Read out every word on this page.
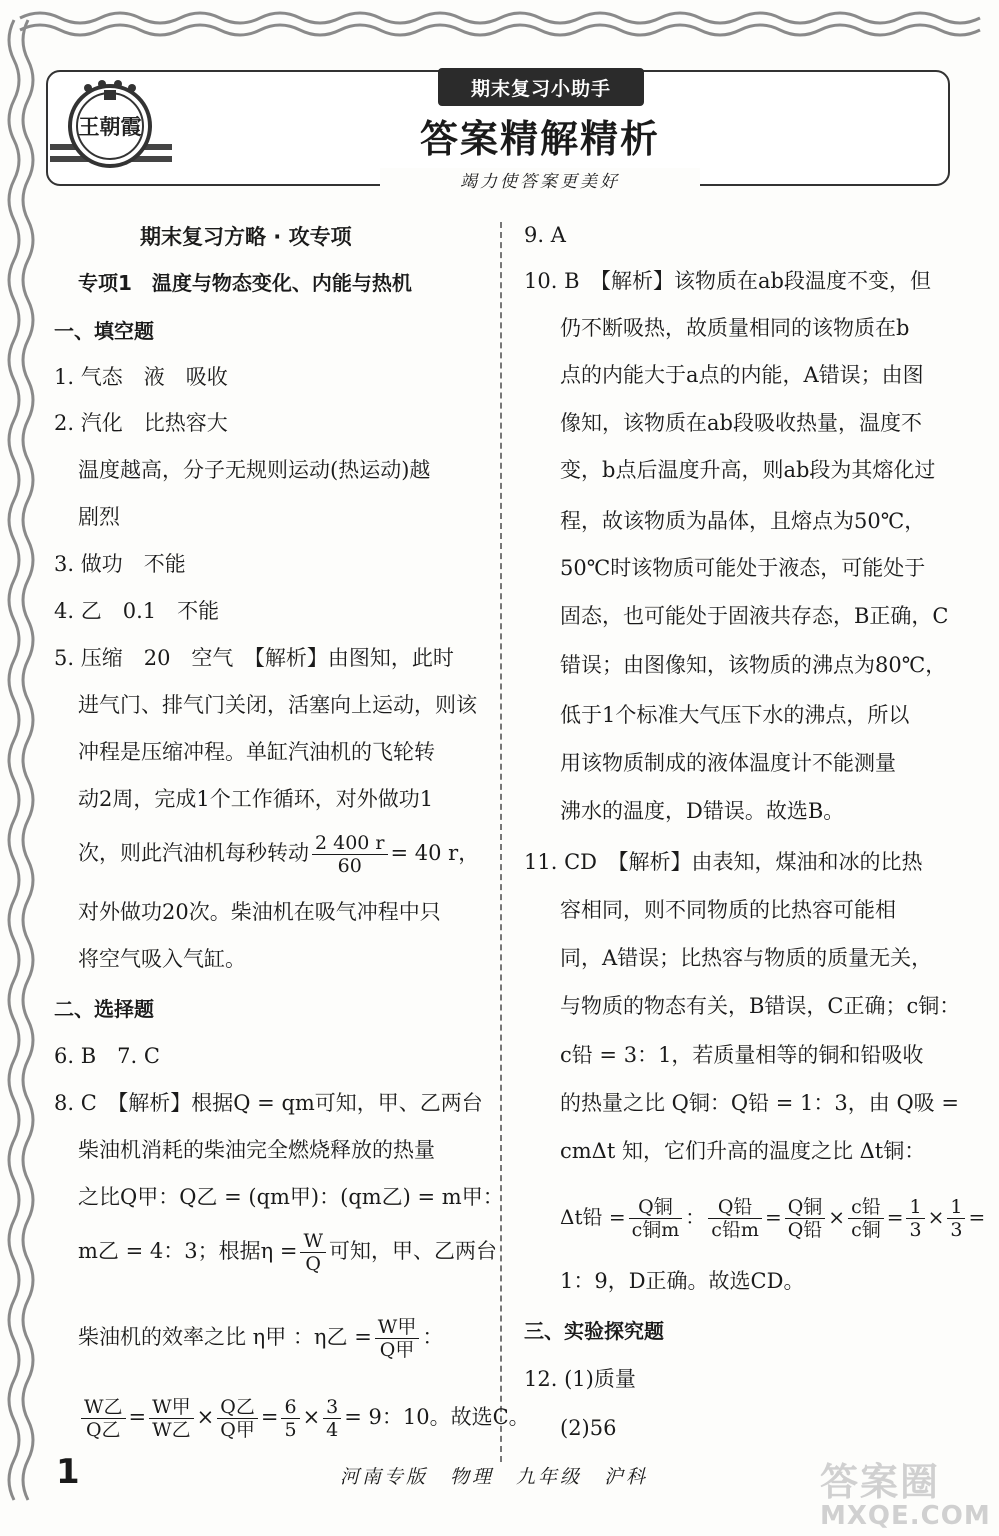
王朝霞
期末复习小助手
答案精解精析
竭力使答案更美好
期末复习方略 · 攻专项
专项1　温度与物态变化、内能与热机
一、填空题
1. 气态　液　吸收
2. 汽化　比热容大
温度越高，分子无规则运动(热运动)越
剧烈
3. 做功　不能
4. 乙　0.1　不能
5. 压缩　20　空气　【解析】由图知，此时
进气门、排气门关闭，活塞向上运动，则该
冲程是压缩冲程。单缸汽油机的飞轮转
动2周，完成1个工作循环，对外做功1
次，则此汽油机每秒转动 $\frac{2 400 r}{60} = 40$ r，
对外做功20次。柴油机在吸气冲程中只
将空气吸入气缸。
二、选择题
6. B　7. C
8. C　【解析】根据Q = qm可知，甲、乙两台
柴油机消耗的柴油完全燃烧释放的热量
之比Q甲：Q乙 = (qm甲)：(qm乙) = m甲：
m乙 = 4：3；根据$\eta = \frac{W}{Q}$ 可知，甲、乙两台
柴油机的效率之比 η甲 ：η乙 = $\frac{\text{W甲}}{\text{Q甲}}$ ：
$\frac{\text{W乙}}{\text{Q乙}} = \frac{\text{W甲}}{\text{W乙}} \times \frac{\text{Q乙}}{\text{Q甲}} = \frac{6}{5} \times \frac{3}{4} = 9$：10。故选C。
9. A
10. B　【解析】该物质在ab段温度不变，但
仍不断吸热，故质量相同的该物质在b
点的内能大于a点的内能，A错误；由图
像知，该物质在ab段吸收热量，温度不
变，b点后温度升高，则ab段为其熔化过
程，故该物质为晶体，且熔点为50℃，
50℃时该物质可能处于液态，可能处于
固态，也可能处于固液共存态，B正确，C
错误；由图像知，该物质的沸点为80℃，
低于1个标准大气压下水的沸点，所以
用该物质制成的液体温度计不能测量
沸水的温度，D错误。故选B。
11. CD　【解析】由表知，煤油和冰的比热
容相同，则不同物质的比热容可能相
同，A错误；比热容与物质的质量无关，
与物质的物态有关，B错误，C正确；c铜：
c铅 = 3：1，若质量相等的铜和铅吸收
的热量之比 Q铜：Q铅 = 1：3，由 Q吸 =
cmΔt 知，它们升高的温度之比 Δt铜：
Δt铅 = $\frac{\text{Q铜}}{\text{c铜m}}$ ： $\frac{\text{Q铅}}{\text{c铅m}} = \frac{\text{Q铜}}{\text{Q铅}} \times \frac{\text{c铅}}{\text{c铜}} = \frac{1}{3} \times \frac{1}{3}$ =
1：9，D正确。故选CD。
三、实验探究题
12. (1)质量
(2)56
1	河南专版　物理　九年级　沪科	答案圈
MXQE.COM
